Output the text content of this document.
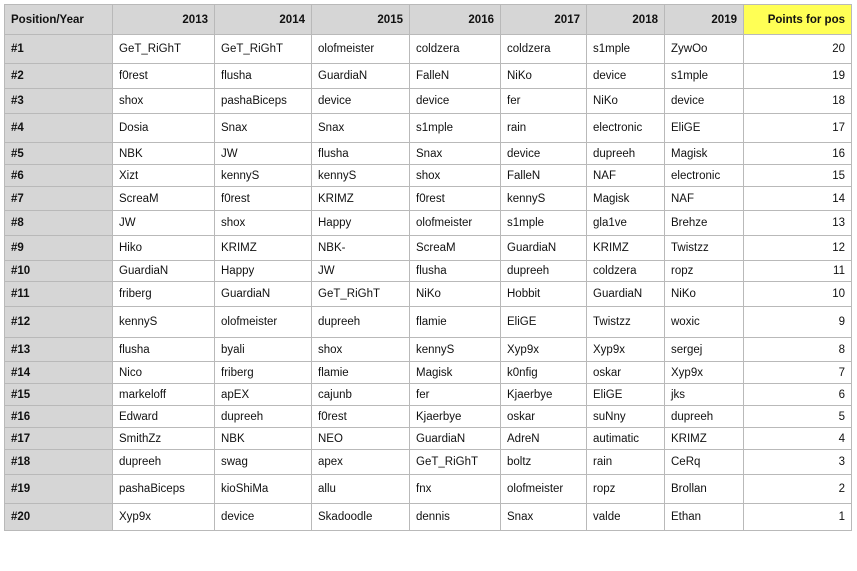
Position/Year	2013	2014	2015	2016	2017	2018	2019	Points for pos
#1	GeT_RiGhT	GeT_RiGhT	olofmeister	coldzera	coldzera	s1mple	ZywOo	20
#2	f0rest	flusha	GuardiaN	FalleN	NiKo	device	s1mple	19
#3	shox	pashaBiceps	device	device	fer	NiKo	device	18
#4	Dosia	Snax	Snax	s1mple	rain	electronic	EliGE	17
#5	NBK	JW	flusha	Snax	device	dupreeh	Magisk	16
#6	Xizt	kennyS	kennyS	shox	FalleN	NAF	electronic	15
#7	ScreaM	f0rest	KRIMZ	f0rest	kennyS	Magisk	NAF	14
#8	JW	shox	Happy	olofmeister	s1mple	gla1ve	Brehze	13
#9	Hiko	KRIMZ	NBK-	ScreaM	GuardiaN	KRIMZ	Twistzz	12
#10	GuardiaN	Happy	JW	flusha	dupreeh	coldzera	ropz	11
#11	friberg	GuardiaN	GeT_RiGhT	NiKo	Hobbit	GuardiaN	NiKo	10
#12	kennyS	olofmeister	dupreeh	flamie	EliGE	Twistzz	woxic	9
#13	flusha	byali	shox	kennyS	Xyp9x	Xyp9x	sergej	8
#14	Nico	friberg	flamie	Magisk	k0nfig	oskar	Xyp9x	7
#15	markeloff	apEX	cajunb	fer	Kjaerbye	EliGE	jks	6
#16	Edward	dupreeh	f0rest	Kjaerbye	oskar	suNny	dupreeh	5
#17	SmithZz	NBK	NEO	GuardiaN	AdreN	autimatic	KRIMZ	4
#18	dupreeh	swag	apex	GeT_RiGhT	boltz	rain	CeRq	3
#19	pashaBiceps	kioShiMa	allu	fnx	olofmeister	ropz	Brollan	2
#20	Xyp9x	device	Skadoodle	dennis	Snax	valde	Ethan	1
